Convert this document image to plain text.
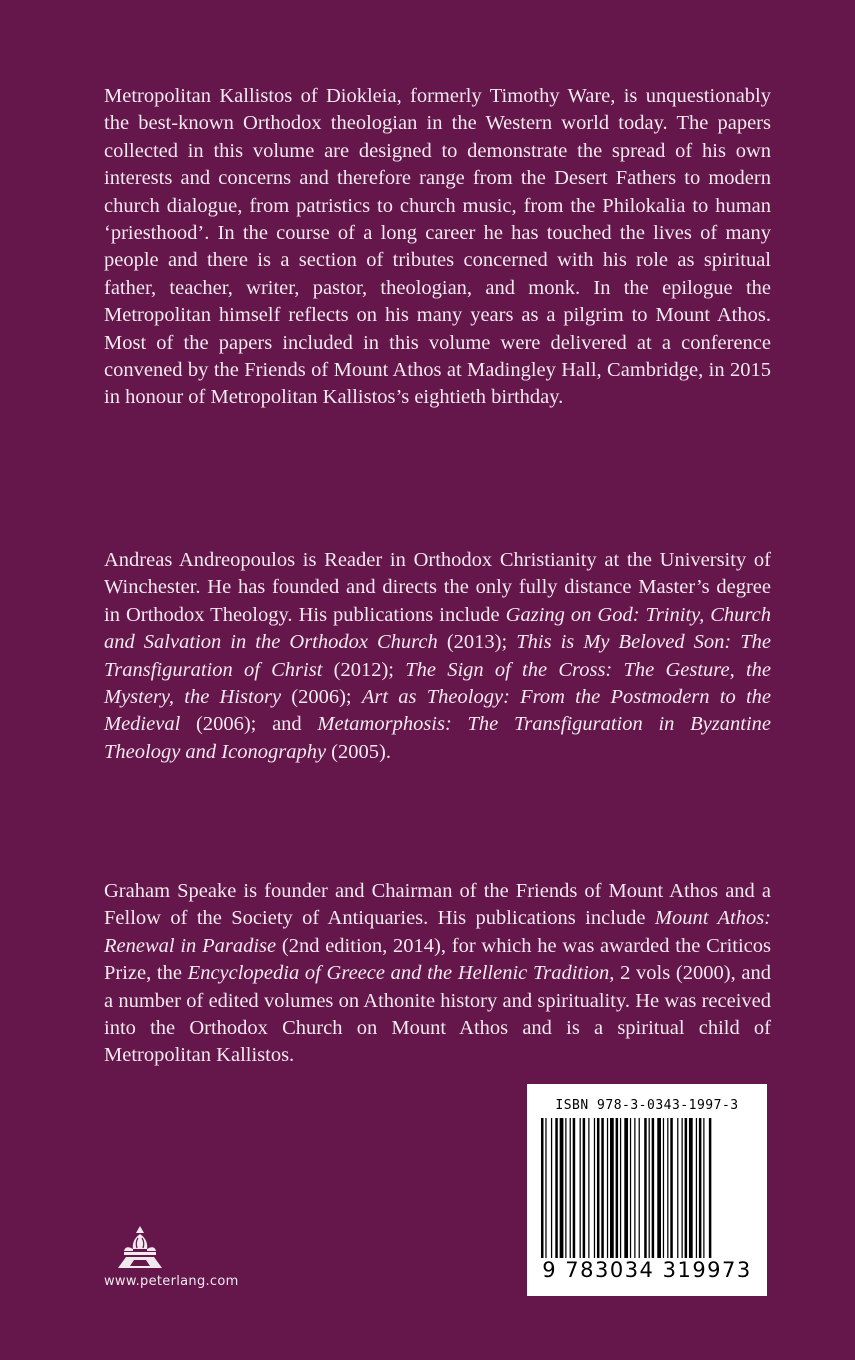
Metropolitan Kallistos of Diokleia, formerly Timothy Ware, is unquestionably the best-known Orthodox theologian in the Western world today. The papers collected in this volume are designed to demonstrate the spread of his own interests and concerns and therefore range from the Desert Fathers to modern church dialogue, from patristics to church music, from the Philokalia to human ‘priesthood’. In the course of a long career he has touched the lives of many people and there is a section of tributes concerned with his role as spiritual father, teacher, writer, pastor, theologian, and monk. In the epilogue the Metropolitan himself reflects on his many years as a pilgrim to Mount Athos. Most of the papers included in this volume were delivered at a conference convened by the Friends of Mount Athos at Madingley Hall, Cambridge, in 2015 in honour of Metropolitan Kallistos’s eightieth birthday.

Andreas Andreopoulos is Reader in Orthodox Christianity at the University of Winchester. He has founded and directs the only fully distance Master’s degree in Orthodox Theology. His publications include Gazing on God: Trinity, Church and Salvation in the Orthodox Church (2013); This is My Beloved Son: The Transfiguration of Christ (2012); The Sign of the Cross: The Gesture, the Mystery, the History (2006); Art as Theology: From the Postmodern to the Medieval (2006); and Metamorphosis: The Transfiguration in Byzantine Theology and Iconography (2005).

Graham Speake is founder and Chairman of the Friends of Mount Athos and a Fellow of the Society of Antiquaries. His publications include Mount Athos: Renewal in Paradise (2nd edition, 2014), for which he was awarded the Criticos Prize, the Encyclopedia of Greece and the Hellenic Tradition, 2 vols (2000), and a number of edited volumes on Athonite history and spirituality. He was received into the Orthodox Church on Mount Athos and is a spiritual child of Metropolitan Kallistos.

www.peterlang.com
ISBN 978-3-0343-1997-3
9 783034 319973
